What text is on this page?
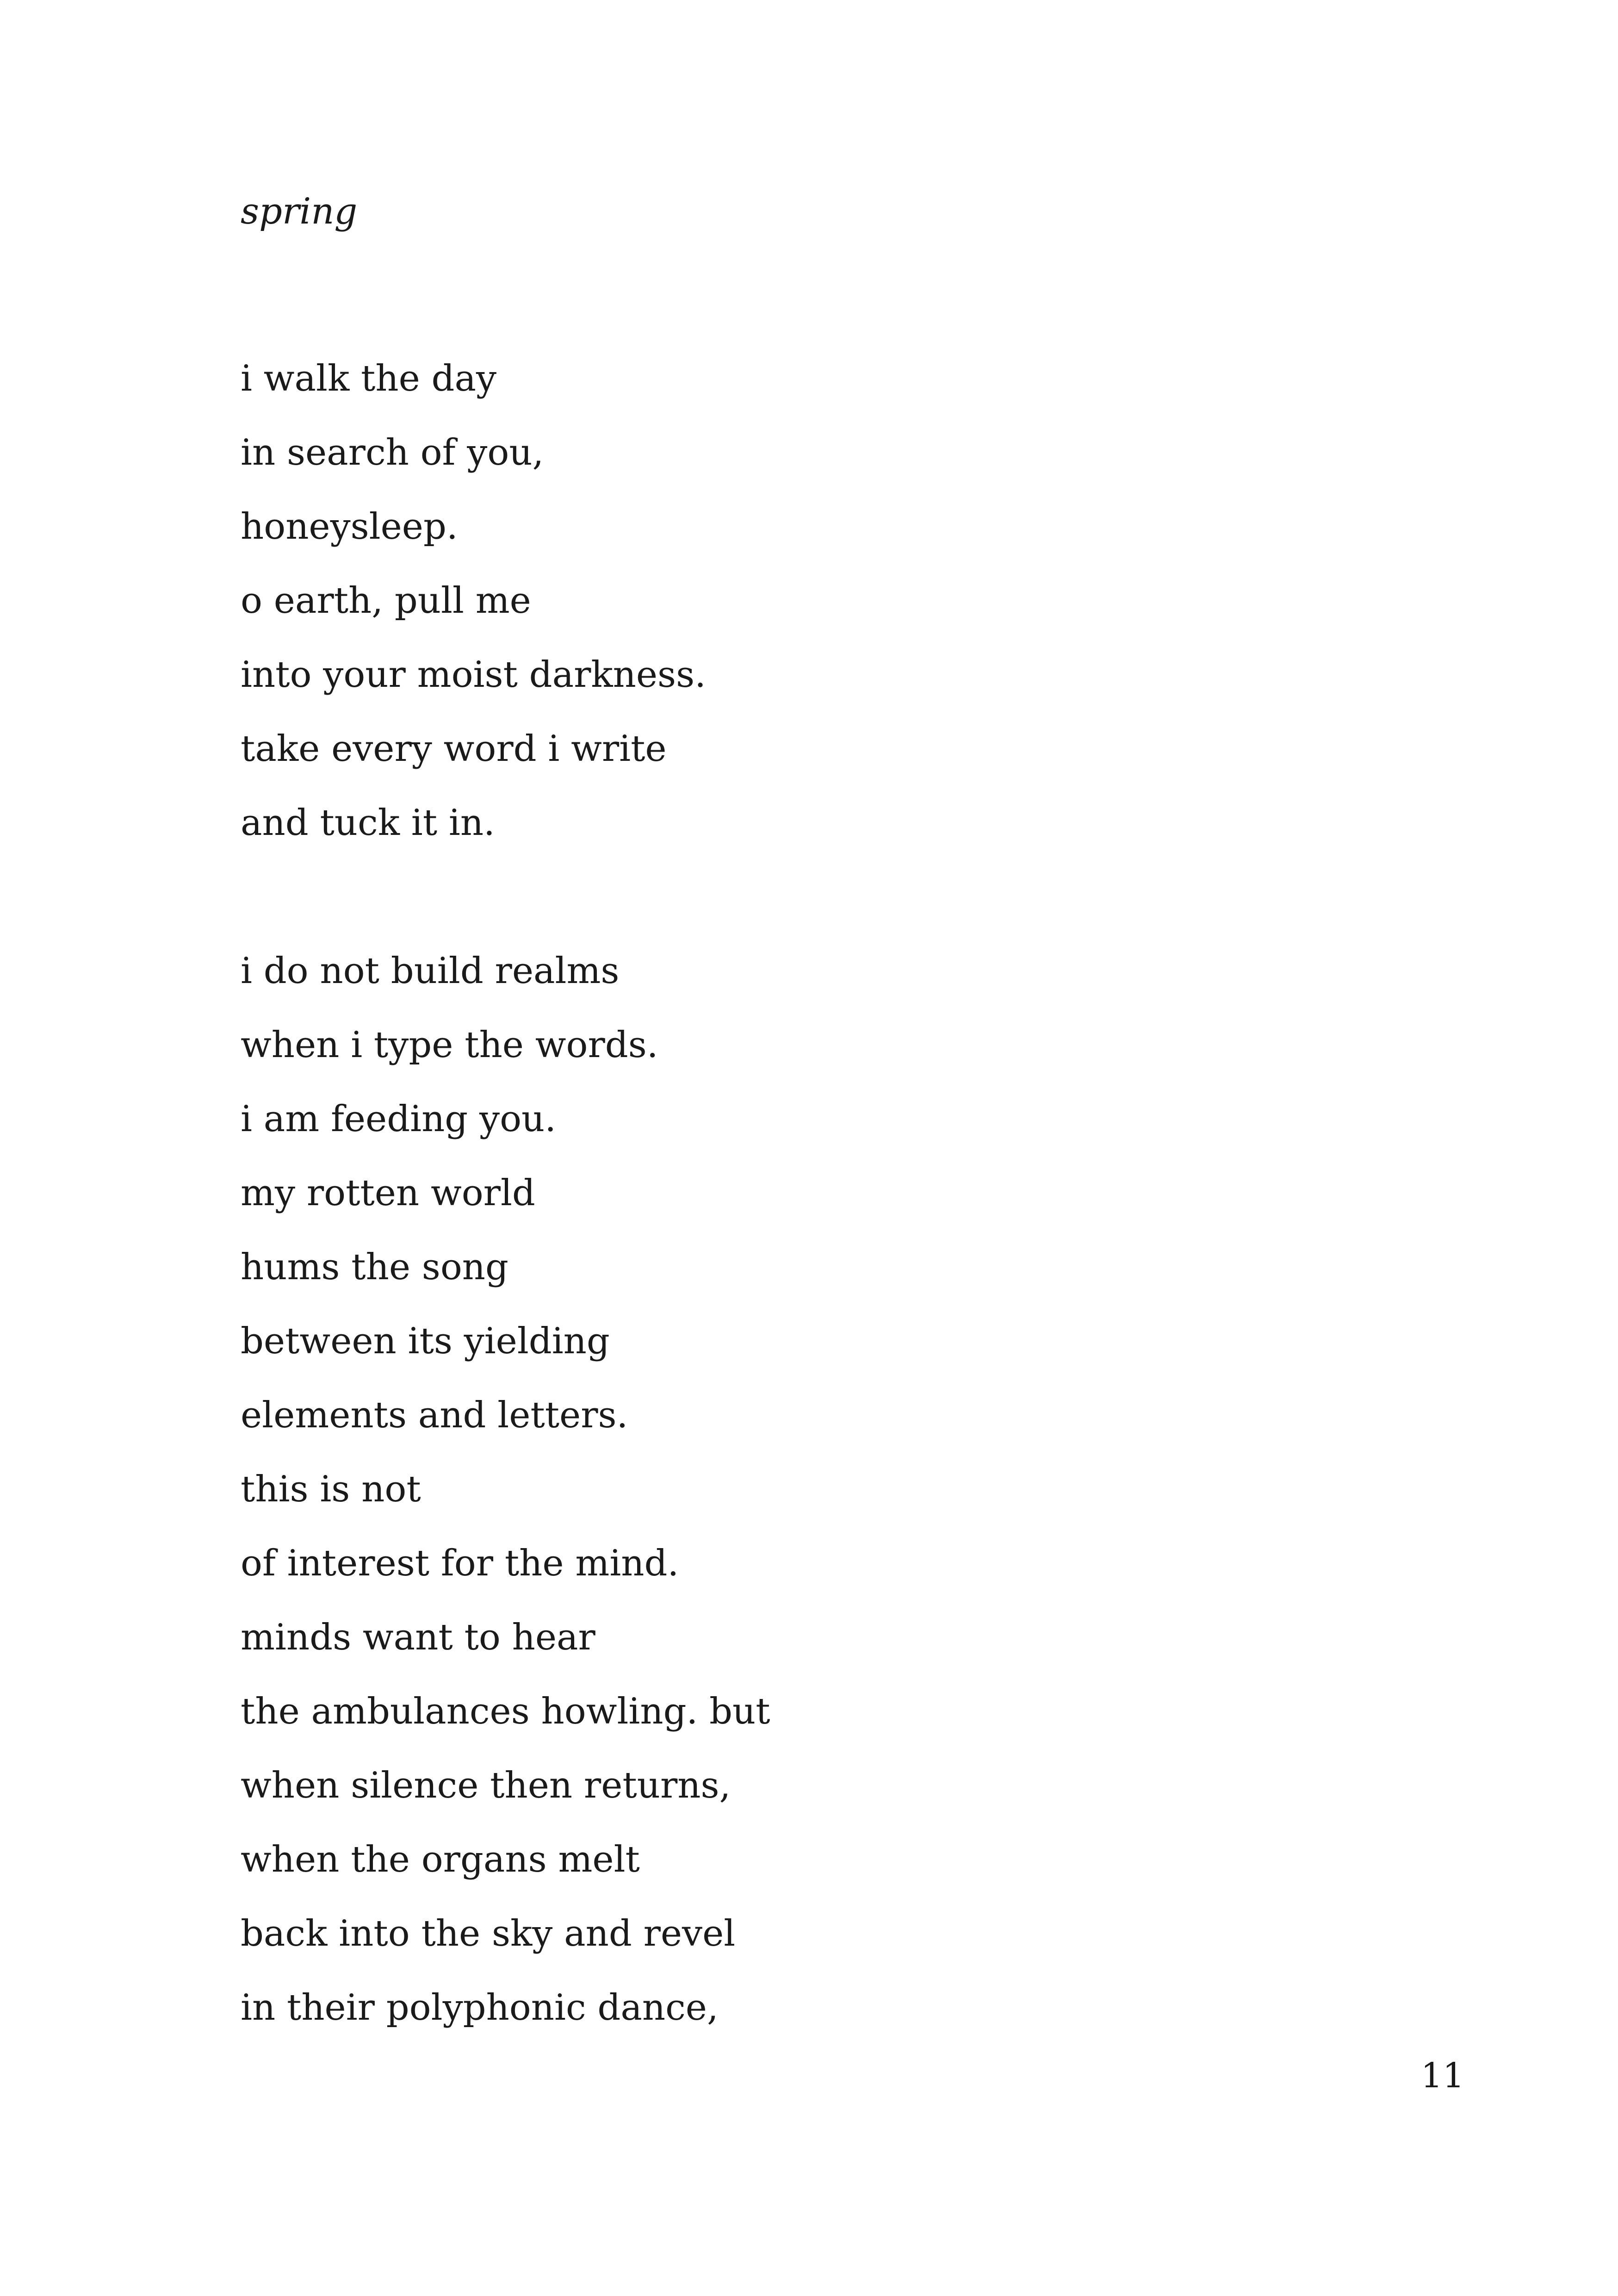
spring
i walk the day
in search of you,
honeysleep.
o earth, pull me
into your moist darkness.
take every word i write
and tuck it in.
i do not build realms
when i type the words.
i am feeding you.
my rotten world
hums the song
between its yielding
elements and letters.
this is not
of interest for the mind.
minds want to hear
the ambulances howling. but
when silence then returns,
when the organs melt
back into the sky and revel
in their polyphonic dance,
11
